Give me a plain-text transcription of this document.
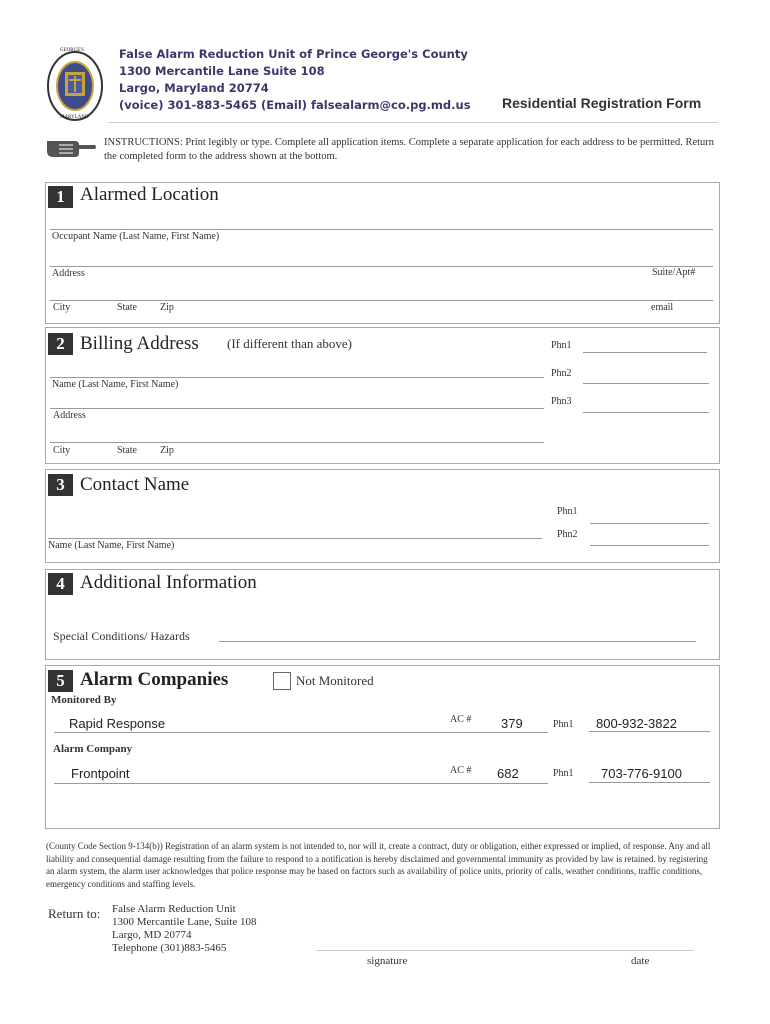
GEORGE'S
MARYLAND
False Alarm Reduction Unit of Prince George's County
1300 Mercantile Lane Suite 108
Largo, Maryland 20774
(voice) 301-883-5465 (Email) falsealarm@co.pg.md.us Residential Registration Form
INSTRUCTIONS: Print legibly or type. Complete all application items. Complete a separate application for each address to be permitted. Return the completed form to the address shown at the bottom.
1 Alarmed Location
Occupant Name (Last Name, First Name)
Address	Suite/Apt#
City	State Zip	email
2 Billing Address (If different than above)	Phn1
Phn2
Phn3
Name (Last Name, First Name)
Address
City	State Zip
3 Contact Name
Phn1
Phn2
Name (Last Name, First Name)
4 Additional Information
Special Conditions/ Hazards
5 Alarm Companies	Not Monitored
Monitored By
Rapid Response	AC # 379	Phn1 800-932-3822
Alarm Company
Frontpoint	AC # 682	Phn1 703-776-9100
(County Code Section 9-134(b)) Registration of an alarm system is not intended to, nor will it, create a contract, duty or obligation, either expressed or implied, of response. Any and all liability and consequential damage resulting from the failure to respond to a notification is hereby disclaimed and governmental immunity as provided by law is retained. by registering an alarm system, the alarm user acknowledges that police response may be based on factors such as availability of police units, priority of calls, weather conditions, traffic conditions, emergency conditions and staffing levels.
Return to: False Alarm Reduction Unit
1300 Mercantile Lane, Suite 108
Largo, MD 20774
Telephone (301)883-5465
signature	date
